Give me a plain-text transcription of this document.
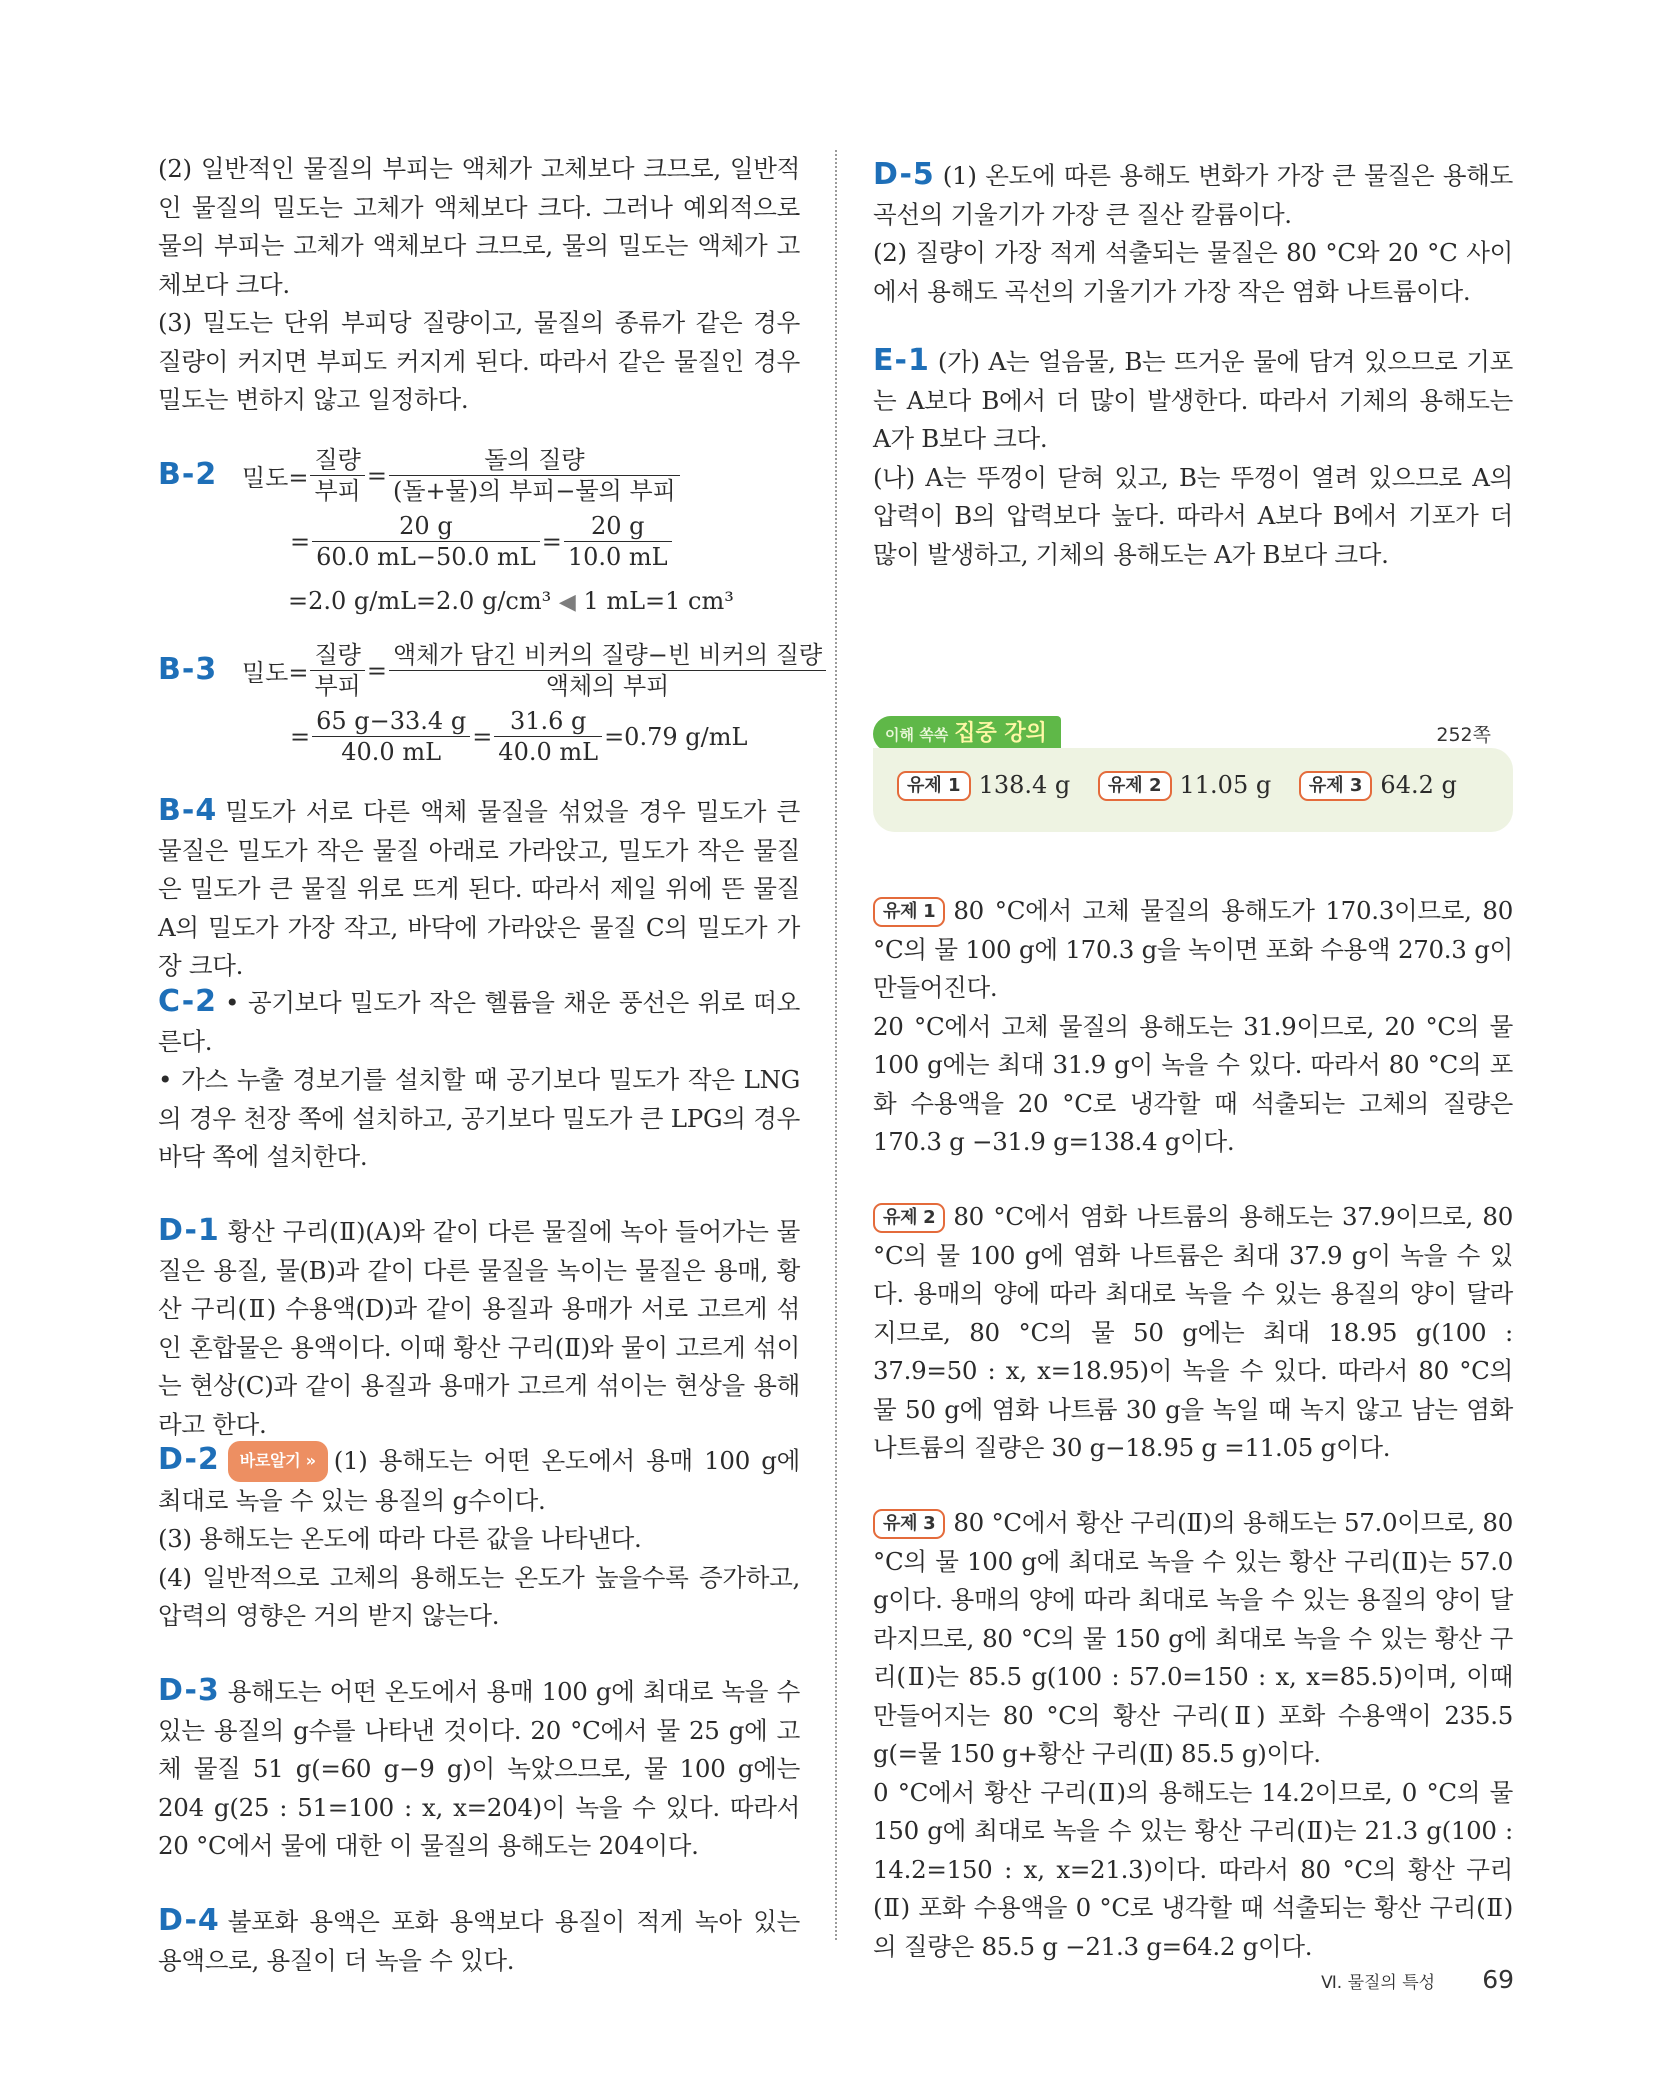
(2) 일반적인 물질의 부피는 액체가 고체보다 크므로, 일반적인 물질의 밀도는 고체가 액체보다 크다. 그러나 예외적으로 물의 부피는 고체가 액체보다 크므로, 물의 밀도는 액체가 고체보다 크다.

(3) 밀도는 단위 부피당 질량이고, 물질의 종류가 같은 경우 질량이 커지면 부피도 커지게 된다. 따라서 같은 물질인 경우 밀도는 변하지 않고 일정하다.

B-2 밀도= $\frac{\text{질량}}{\text{부피}} = \frac{\text{돌의 질량}}{\text{(돌+물)의 부피−물의 부피}}$
= $\frac{20 g}{60.0 mL-50.0 mL} = \frac{20 g}{10.0 mL}$
=2.0 g/mL=2.0 g/cm³ ◀ 1 mL=1 cm³
B-3 밀도= $\frac{\text{질량}}{\text{부피}} = \frac{\text{액체가 담긴 비커의 질량−빈 비커의 질량}}{\text{액체의 부피}}$
= $\frac{65 g-33.4 g}{40.0 mL} = \frac{31.6 g}{40.0 mL} =0.79$ g/mL

B-4 밀도가 서로 다른 액체 물질을 섞었을 경우 밀도가 큰 물질은 밀도가 작은 물질 아래로 가라앉고, 밀도가 작은 물질은 밀도가 큰 물질 위로 뜨게 된다. 따라서 제일 위에 뜬 물질 A의 밀도가 가장 작고, 바닥에 가라앉은 물질 C의 밀도가 가장 크다.

C-2 • 공기보다 밀도가 작은 헬륨을 채운 풍선은 위로 떠오른다.

• 가스 누출 경보기를 설치할 때 공기보다 밀도가 작은 LNG의 경우 천장 쪽에 설치하고, 공기보다 밀도가 큰 LPG의 경우 바닥 쪽에 설치한다.

D-1 황산 구리(Ⅱ)(A)와 같이 다른 물질에 녹아 들어가는 물질은 용질, 물(B)과 같이 다른 물질을 녹이는 물질은 용매, 황산 구리(Ⅱ) 수용액(D)과 같이 용질과 용매가 서로 고르게 섞인 혼합물은 용액이다. 이때 황산 구리(Ⅱ)와 물이 고르게 섞이는 현상(C)과 같이 용질과 용매가 고르게 섞이는 현상을 용해라고 한다.

D-2 바로알기 » (1) 용해도는 어떤 온도에서 용매 100 g에 최대로 녹을 수 있는 용질의 g수이다.

(3) 용해도는 온도에 따라 다른 값을 나타낸다.

(4) 일반적으로 고체의 용해도는 온도가 높을수록 증가하고, 압력의 영향은 거의 받지 않는다.

D-3 용해도는 어떤 온도에서 용매 100 g에 최대로 녹을 수 있는 용질의 g수를 나타낸 것이다. 20 °C에서 물 25 g에 고체 물질 51 g(=60 g−9 g)이 녹았으므로, 물 100 g에는 204 g(25 : 51=100 : x, x=204)이 녹을 수 있다. 따라서 20 °C에서 물에 대한 이 물질의 용해도는 204이다.

D-4 불포화 용액은 포화 용액보다 용질이 적게 녹아 있는 용액으로, 용질이 더 녹을 수 있다.

D-5 (1) 온도에 따른 용해도 변화가 가장 큰 물질은 용해도 곡선의 기울기가 가장 큰 질산 칼륨이다.

(2) 질량이 가장 적게 석출되는 물질은 80 °C와 20 °C 사이에서 용해도 곡선의 기울기가 가장 작은 염화 나트륨이다.

E-1 (가) A는 얼음물, B는 뜨거운 물에 담겨 있으므로 기포는 A보다 B에서 더 많이 발생한다. 따라서 기체의 용해도는 A가 B보다 크다.

(나) A는 뚜껑이 닫혀 있고, B는 뚜껑이 열려 있으므로 A의 압력이 B의 압력보다 높다. 따라서 A보다 B에서 기포가 더 많이 발생하고, 기체의 용해도는 A가 B보다 크다.

이해 쏙쏙 집중 강의	252쪽
유제 1 138.4 g 유제 2 11.05 g 유제 3 64.2 g

유제 1 80 °C에서 고체 물질의 용해도가 170.3이므로, 80 °C의 물 100 g에 170.3 g을 녹이면 포화 수용액 270.3 g이 만들어진다.

20 °C에서 고체 물질의 용해도는 31.9이므로, 20 °C의 물 100 g에는 최대 31.9 g이 녹을 수 있다. 따라서 80 °C의 포화 수용액을 20 °C로 냉각할 때 석출되는 고체의 질량은 170.3 g −31.9 g=138.4 g이다.

유제 2 80 °C에서 염화 나트륨의 용해도는 37.9이므로, 80 °C의 물 100 g에 염화 나트륨은 최대 37.9 g이 녹을 수 있다. 용매의 양에 따라 최대로 녹을 수 있는 용질의 양이 달라지므로, 80 °C의 물 50 g에는 최대 18.95 g(100 : 37.9=50 : x, x=18.95)이 녹을 수 있다. 따라서 80 °C의 물 50 g에 염화 나트륨 30 g을 녹일 때 녹지 않고 남는 염화 나트륨의 질량은 30 g−18.95 g =11.05 g이다.

유제 3 80 °C에서 황산 구리(Ⅱ)의 용해도는 57.0이므로, 80 °C의 물 100 g에 최대로 녹을 수 있는 황산 구리(Ⅱ)는 57.0 g이다. 용매의 양에 따라 최대로 녹을 수 있는 용질의 양이 달라지므로, 80 °C의 물 150 g에 최대로 녹을 수 있는 황산 구리(Ⅱ)는 85.5 g(100 : 57.0=150 : x, x=85.5)이며, 이때 만들어지는 80 °C의 황산 구리(Ⅱ) 포화 수용액이 235.5 g(=물 150 g+황산 구리(Ⅱ) 85.5 g)이다.

0 °C에서 황산 구리(Ⅱ)의 용해도는 14.2이므로, 0 °C의 물 150 g에 최대로 녹을 수 있는 황산 구리(Ⅱ)는 21.3 g(100 : 14.2=150 : x, x=21.3)이다. 따라서 80 °C의 황산 구리(Ⅱ) 포화 수용액을 0 °C로 냉각할 때 석출되는 황산 구리(Ⅱ)의 질량은 85.5 g −21.3 g=64.2 g이다.

Ⅵ. 물질의 특성 69
